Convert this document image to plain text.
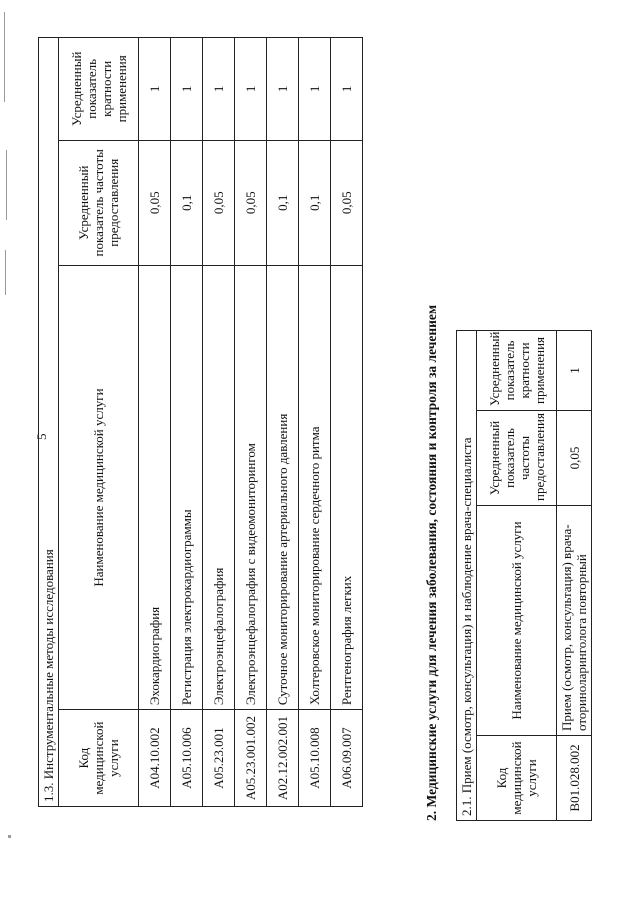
5
1.3. Инструментальные методы исследования			
Код медицинской услуги	Наименование медицинской услуги	Усредненный показатель частоты предоставления	Усредненный показатель кратности применения
A04.10.002	Эхокардиография	0,05	1
A05.10.006	Регистрация электрокардиограммы	0,1	1
A05.23.001	Электроэнцефалография	0,05	1
A05.23.001.002	Электроэнцефалография с видеомониторингом	0,05	1
A02.12.002.001	Суточное мониторирование артериального давления	0,1	1
A05.10.008	Холтеровское мониторирование сердечного ритма	0,1	1
A06.09.007	Рентгенография легких	0,05	1
2. Медицинские услуги для лечения заболевания, состояния и контроля за лечением 2.1. Прием (осмотр, консультация) и наблюдение врача-специалиста			
Код медицинской услуги	Наименование медицинской услуги	Усредненный показатель частоты предоставления	Усредненный показатель кратности применения
B01.028.002	Прием (осмотр, консультация) врача-оториноларинголога повторный	0,05	1
